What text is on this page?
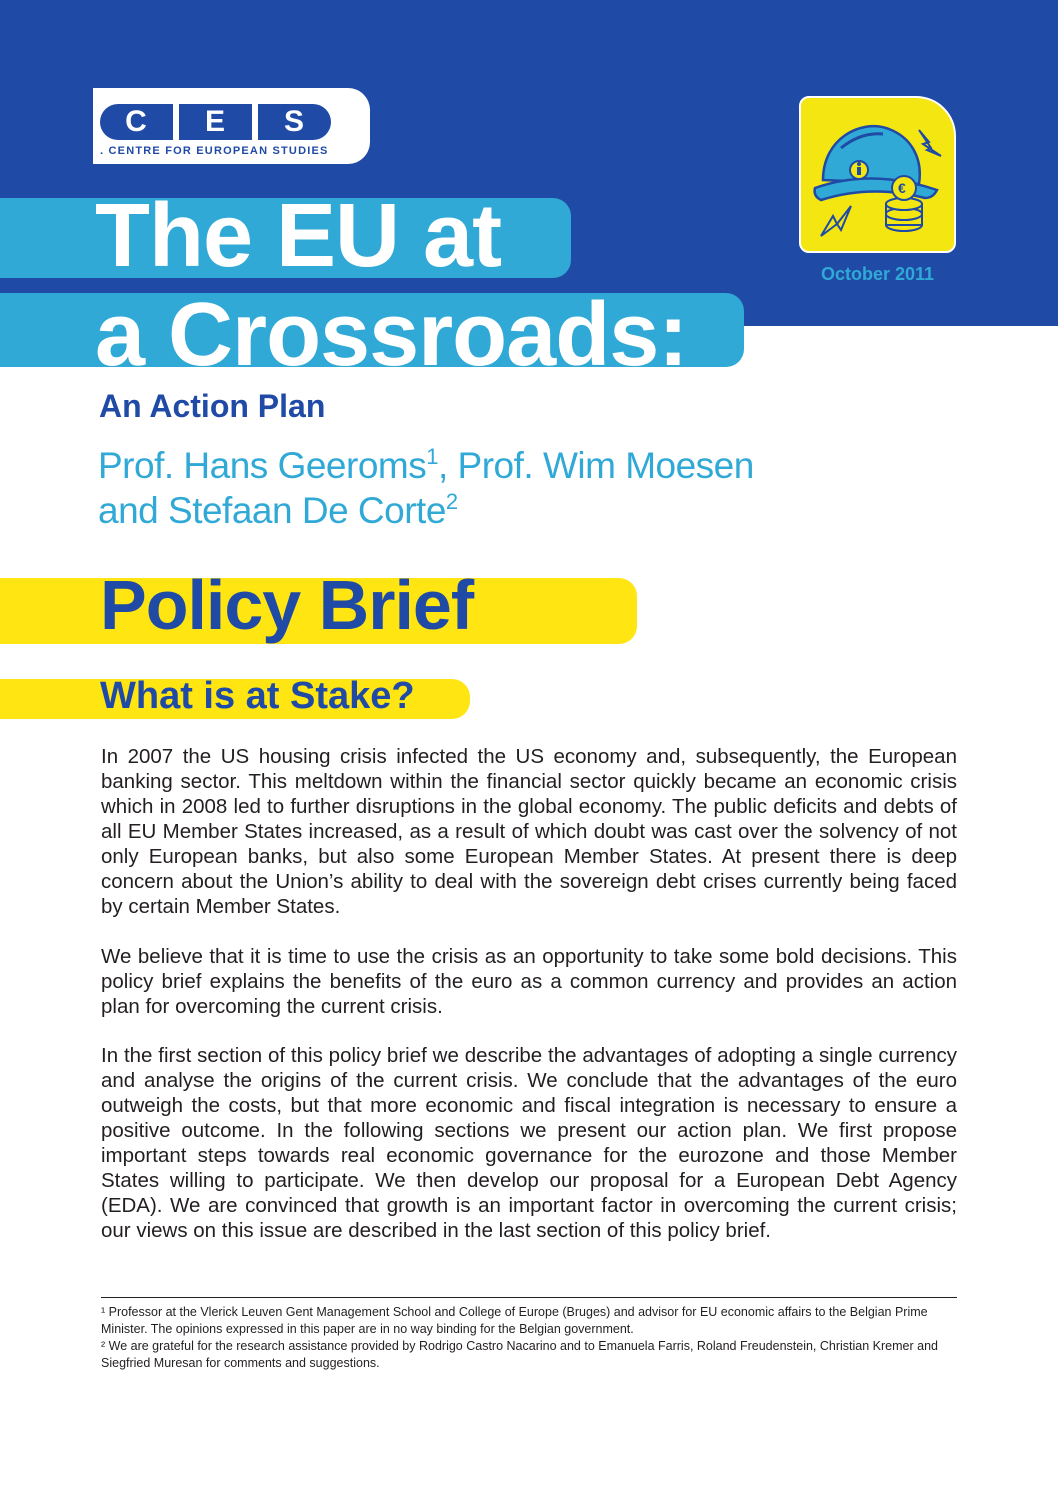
C	E	S
. CENTRE FOR EUROPEAN STUDIES
€
October 2011
The EU at
a Crossroads:
An Action Plan
Prof. Hans Geeroms$^1$, Prof. Wim Moesen
and Stefaan De Corte$^2$
Policy Brief
What is at Stake?

In 2007 the US housing crisis infected the US economy and, subsequently, the European banking sector. This meltdown within the financial sector quickly became an economic crisis which in 2008 led to further disruptions in the global economy. The public deficits and debts of all EU Member States increased, as a result of which doubt was cast over the solvency of not only European banks, but also some European Member States. At present there is deep concern about the Union’s ability to deal with the sovereign debt crises currently being faced by certain Member States.

We believe that it is time to use the crisis as an opportunity to take some bold decisions. This policy brief explains the benefits of the euro as a common currency and provides an action plan for overcoming the current crisis.

In the first section of this policy brief we describe the advantages of adopting a single currency and analyse the origins of the current crisis. We conclude that the advantages of the euro outweigh the costs, but that more economic and fiscal integration is necessary to ensure a positive outcome. In the following sections we present our action plan. We first propose important steps towards real economic governance for the eurozone and those Member States willing to participate. We then develop our proposal for a European Debt Agency (EDA). We are convinced that growth is an important factor in overcoming the current crisis; our views on this issue are described in the last section of this policy brief.

¹ Professor at the Vlerick Leuven Gent Management School and College of Europe (Bruges) and advisor for EU economic affairs to the Belgian Prime Minister. The opinions expressed in this paper are in no way binding for the Belgian government.

² We are grateful for the research assistance provided by Rodrigo Castro Nacarino and to Emanuela Farris, Roland Freudenstein, Christian Kremer and Siegfried Muresan for comments and suggestions.
